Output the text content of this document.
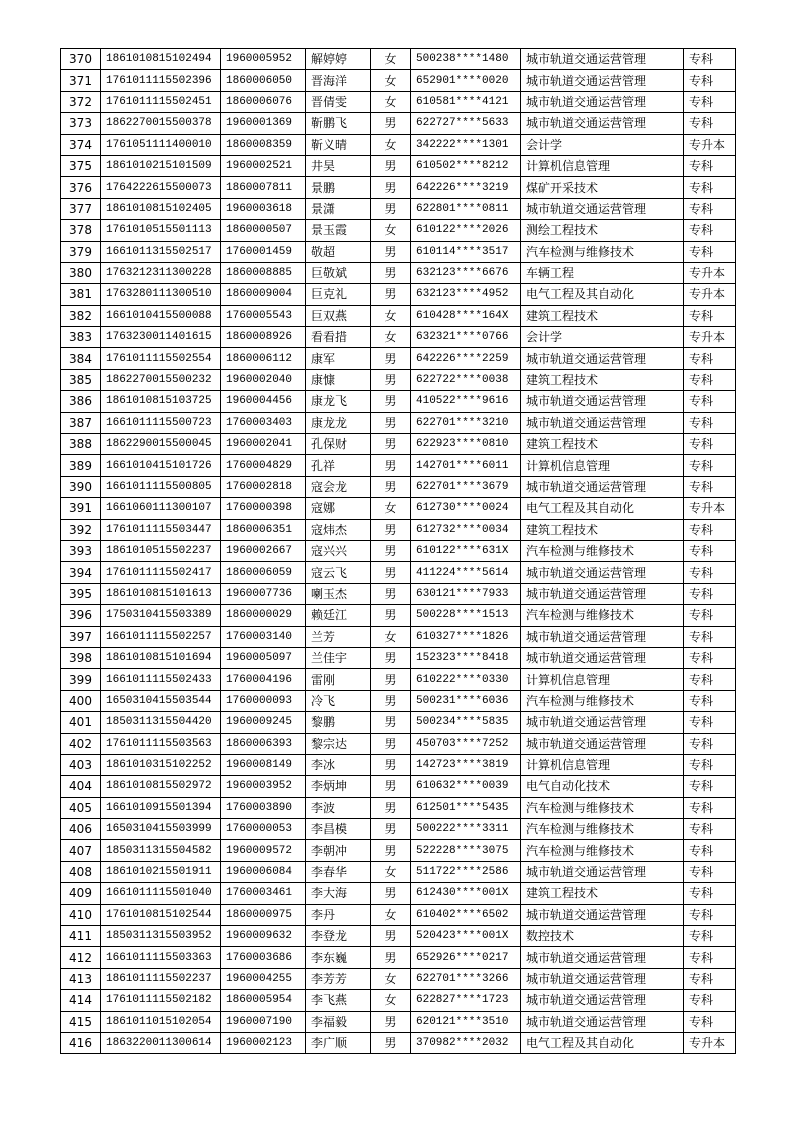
370	1861010815102494	1960005952	解婷婷	女	500238****1480	城市轨道交通运营管理	专科
371	1761011115502396	1860006050	晋海洋	女	652901****0020	城市轨道交通运营管理	专科
372	1761011115502451	1860006076	晋倩雯	女	610581****4121	城市轨道交通运营管理	专科
373	1862270015500378	1960001369	靳鹏飞	男	622727****5633	城市轨道交通运营管理	专科
374	1761051111400010	1860008359	靳义晴	女	342222****1301	会计学	专升本
375	1861010215101509	1960002521	井昊	男	610502****8212	计算机信息管理	专科
376	1764222615500073	1860007811	景鹏	男	642226****3219	煤矿开采技术	专科
377	1861010815102405	1960003618	景潇	男	622801****0811	城市轨道交通运营管理	专科
378	1761010515501113	1860000507	景玉霞	女	610122****2026	测绘工程技术	专科
379	1661011315502517	1760001459	敬超	男	610114****3517	汽车检测与维修技术	专科
380	1763212311300228	1860008885	巨敬斌	男	632123****6676	车辆工程	专升本
381	1763280111300510	1860009004	巨克礼	男	632123****4952	电气工程及其自动化	专升本
382	1661010415500088	1760005543	巨双燕	女	610428****164X	建筑工程技术	专科
383	1763230011401615	1860008926	看看措	女	632321****0766	会计学	专升本
384	1761011115502554	1860006112	康军	男	642226****2259	城市轨道交通运营管理	专科
385	1862270015500232	1960002040	康慷	男	622722****0038	建筑工程技术	专科
386	1861010815103725	1960004456	康龙飞	男	410522****9616	城市轨道交通运营管理	专科
387	1661011115500723	1760003403	康龙龙	男	622701****3210	城市轨道交通运营管理	专科
388	1862290015500045	1960002041	孔保财	男	622923****0810	建筑工程技术	专科
389	1661010415101726	1760004829	孔祥	男	142701****6011	计算机信息管理	专科
390	1661011115500805	1760002818	寇会龙	男	622701****3679	城市轨道交通运营管理	专科
391	1661060111300107	1760000398	寇娜	女	612730****0024	电气工程及其自动化	专升本
392	1761011115503447	1860006351	寇炜杰	男	612732****0034	建筑工程技术	专科
393	1861010515502237	1960002667	寇兴兴	男	610122****631X	汽车检测与维修技术	专科
394	1761011115502417	1860006059	寇云飞	男	411224****5614	城市轨道交通运营管理	专科
395	1861010815101613	1960007736	喇玉杰	男	630121****7933	城市轨道交通运营管理	专科
396	1750310415503389	1860000029	赖廷江	男	500228****1513	汽车检测与维修技术	专科
397	1661011115502257	1760003140	兰芳	女	610327****1826	城市轨道交通运营管理	专科
398	1861010815101694	1960005097	兰佳宇	男	152323****8418	城市轨道交通运营管理	专科
399	1661011115502433	1760004196	雷刚	男	610222****0330	计算机信息管理	专科
400	1650310415503544	1760000093	冷飞	男	500231****6036	汽车检测与维修技术	专科
401	1850311315504420	1960009245	黎鹏	男	500234****5835	城市轨道交通运营管理	专科
402	1761011115503563	1860006393	黎宗达	男	450703****7252	城市轨道交通运营管理	专科
403	1861010315102252	1960008149	李冰	男	142723****3819	计算机信息管理	专科
404	1861010815502972	1960003952	李炳坤	男	610632****0039	电气自动化技术	专科
405	1661010915501394	1760003890	李波	男	612501****5435	汽车检测与维修技术	专科
406	1650310415503999	1760000053	李昌模	男	500222****3311	汽车检测与维修技术	专科
407	1850311315504582	1960009572	李朝冲	男	522228****3075	汽车检测与维修技术	专科
408	1861010215501911	1960006084	李春华	女	511722****2586	城市轨道交通运营管理	专科
409	1661011115501040	1760003461	李大海	男	612430****001X	建筑工程技术	专科
410	1761010815102544	1860000975	李丹	女	610402****6502	城市轨道交通运营管理	专科
411	1850311315503952	1960009632	李登龙	男	520423****001X	数控技术	专科
412	1661011115503363	1760003686	李东巍	男	652926****0217	城市轨道交通运营管理	专科
413	1861011115502237	1960004255	李芳芳	女	622701****3266	城市轨道交通运营管理	专科
414	1761011115502182	1860005954	李飞燕	女	622827****1723	城市轨道交通运营管理	专科
415	1861011015102054	1960007190	李福毅	男	620121****3510	城市轨道交通运营管理	专科
416	1863220011300614	1960002123	李广顺	男	370982****2032	电气工程及其自动化	专升本
